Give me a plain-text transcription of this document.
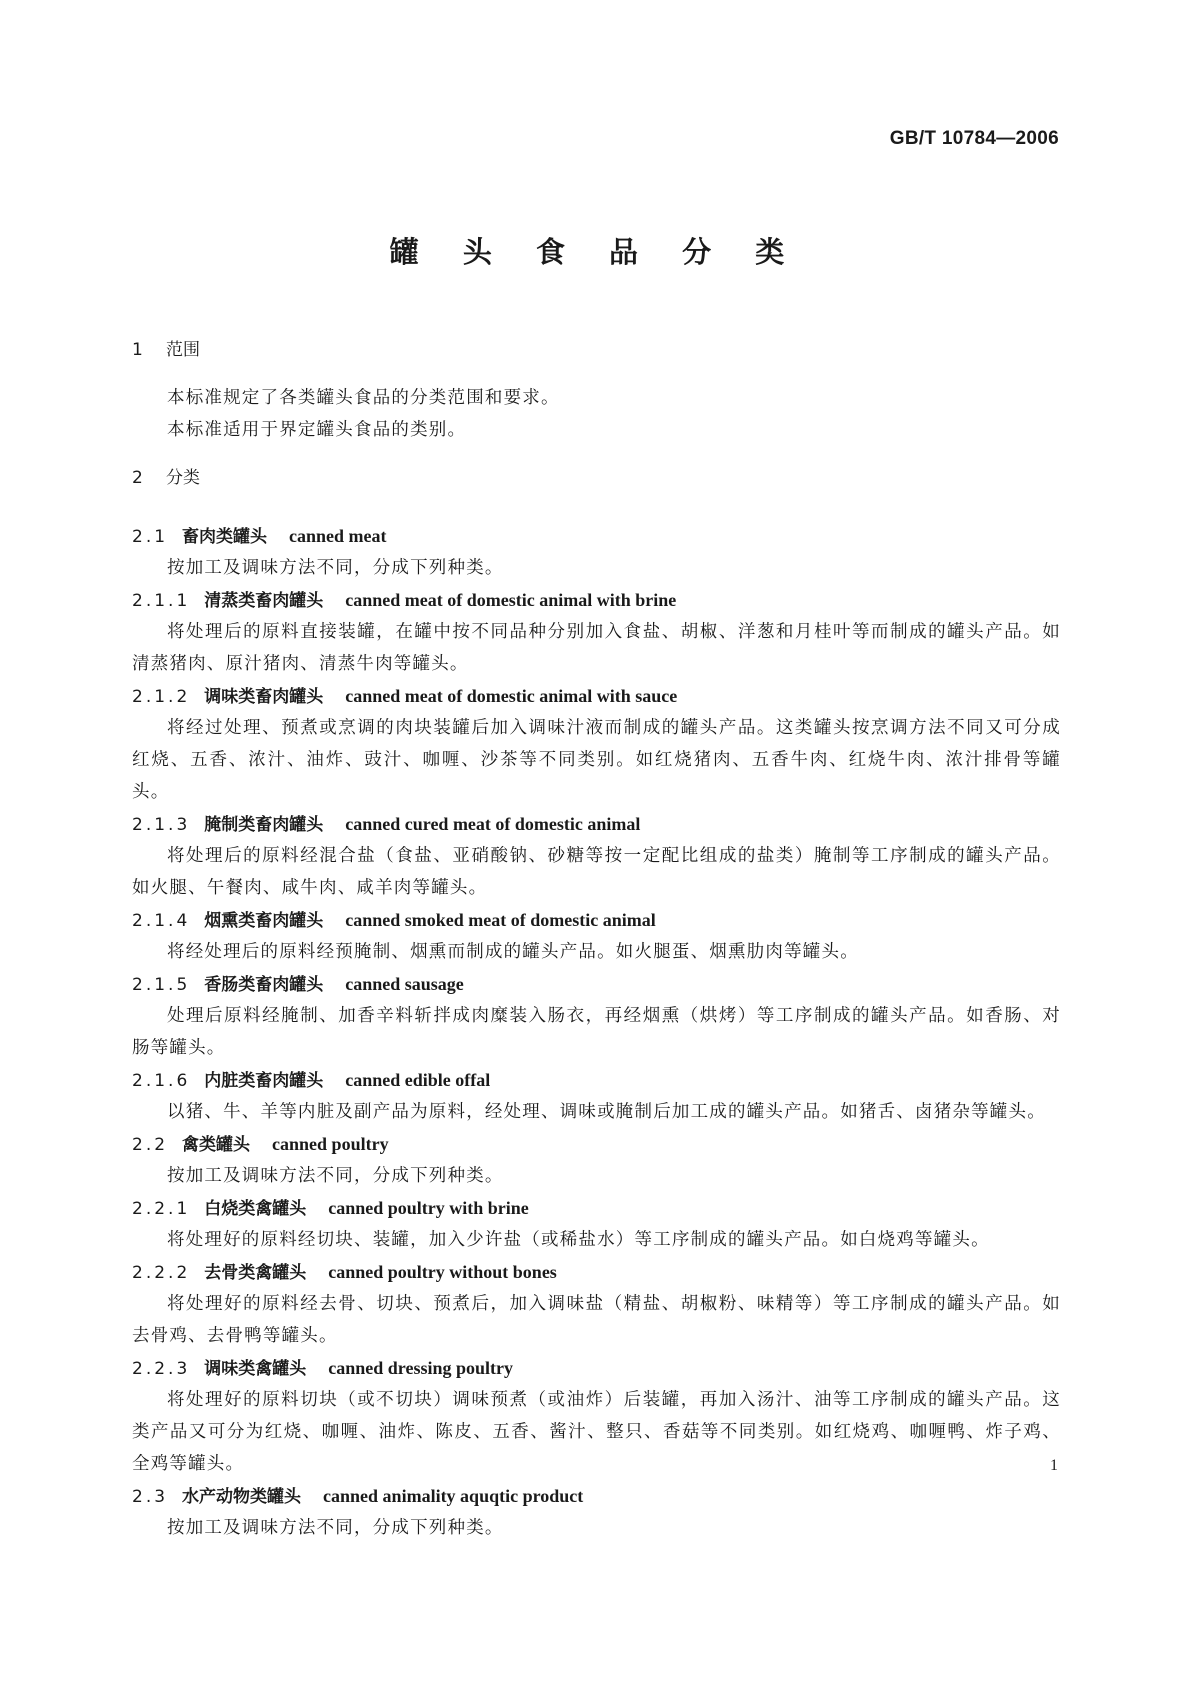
GB/T 10784—2006
罐 头 食 品 分 类
1 范围
本标准规定了各类罐头食品的分类范围和要求。
本标准适用于界定罐头食品的类别。
2 分类
2.1 畜肉类罐头 canned meat
按加工及调味方法不同，分成下列种类。
2.1.1 清蒸类畜肉罐头 canned meat of domestic animal with brine
将处理后的原料直接装罐，在罐中按不同品种分别加入食盐、胡椒、洋葱和月桂叶等而制成的罐头产品。如清蒸猪肉、原汁猪肉、清蒸牛肉等罐头。
2.1.2 调味类畜肉罐头 canned meat of domestic animal with sauce
将经过处理、预煮或烹调的肉块装罐后加入调味汁液而制成的罐头产品。这类罐头按烹调方法不同又可分成红烧、五香、浓汁、油炸、豉汁、咖喱、沙茶等不同类别。如红烧猪肉、五香牛肉、红烧牛肉、浓汁排骨等罐头。
2.1.3 腌制类畜肉罐头 canned cured meat of domestic animal
将处理后的原料经混合盐（食盐、亚硝酸钠、砂糖等按一定配比组成的盐类）腌制等工序制成的罐头产品。如火腿、午餐肉、咸牛肉、咸羊肉等罐头。
2.1.4 烟熏类畜肉罐头 canned smoked meat of domestic animal
将经处理后的原料经预腌制、烟熏而制成的罐头产品。如火腿蛋、烟熏肋肉等罐头。
2.1.5 香肠类畜肉罐头 canned sausage
处理后原料经腌制、加香辛料斩拌成肉糜装入肠衣，再经烟熏（烘烤）等工序制成的罐头产品。如香肠、对肠等罐头。
2.1.6 内脏类畜肉罐头 canned edible offal
以猪、牛、羊等内脏及副产品为原料，经处理、调味或腌制后加工成的罐头产品。如猪舌、卤猪杂等罐头。
2.2 禽类罐头 canned poultry
按加工及调味方法不同，分成下列种类。
2.2.1 白烧类禽罐头 canned poultry with brine
将处理好的原料经切块、装罐，加入少许盐（或稀盐水）等工序制成的罐头产品。如白烧鸡等罐头。
2.2.2 去骨类禽罐头 canned poultry without bones
将处理好的原料经去骨、切块、预煮后，加入调味盐（精盐、胡椒粉、味精等）等工序制成的罐头产品。如去骨鸡、去骨鸭等罐头。
2.2.3 调味类禽罐头 canned dressing poultry
将处理好的原料切块（或不切块）调味预煮（或油炸）后装罐，再加入汤汁、油等工序制成的罐头产品。这类产品又可分为红烧、咖喱、油炸、陈皮、五香、酱汁、整只、香菇等不同类别。如红烧鸡、咖喱鸭、炸子鸡、全鸡等罐头。
2.3 水产动物类罐头 canned animality aquqtic product
按加工及调味方法不同，分成下列种类。
1
